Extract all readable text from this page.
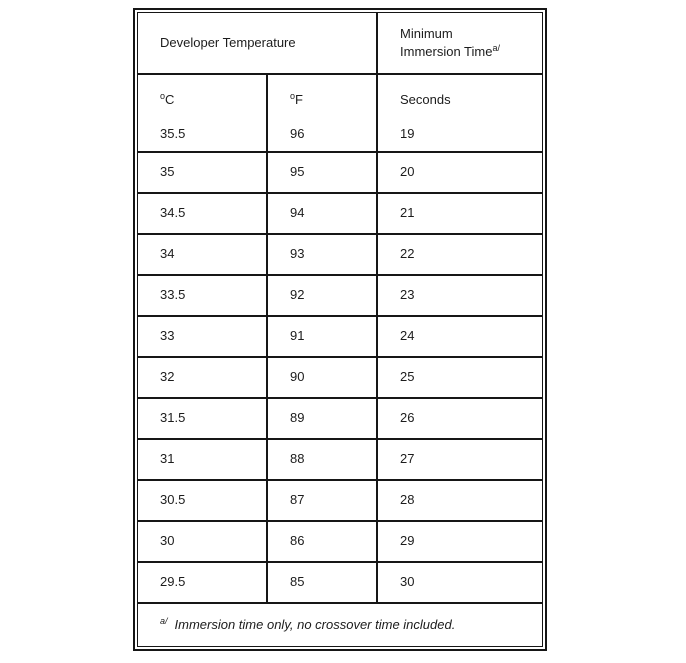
Developer Temperature
Minimum
Immersion Time$^{a/}$
$^o$C
35.5
$^o$F
96
Seconds
19
35	95	20
34.5	94	21
34	93	22
33.5	92	23
33	91	24
32	90	25
31.5	89	26
31	88	27
30.5	87	28
30	86	29
29.5	85	30
$^{a/}$ Immersion time only, no crossover time included.
